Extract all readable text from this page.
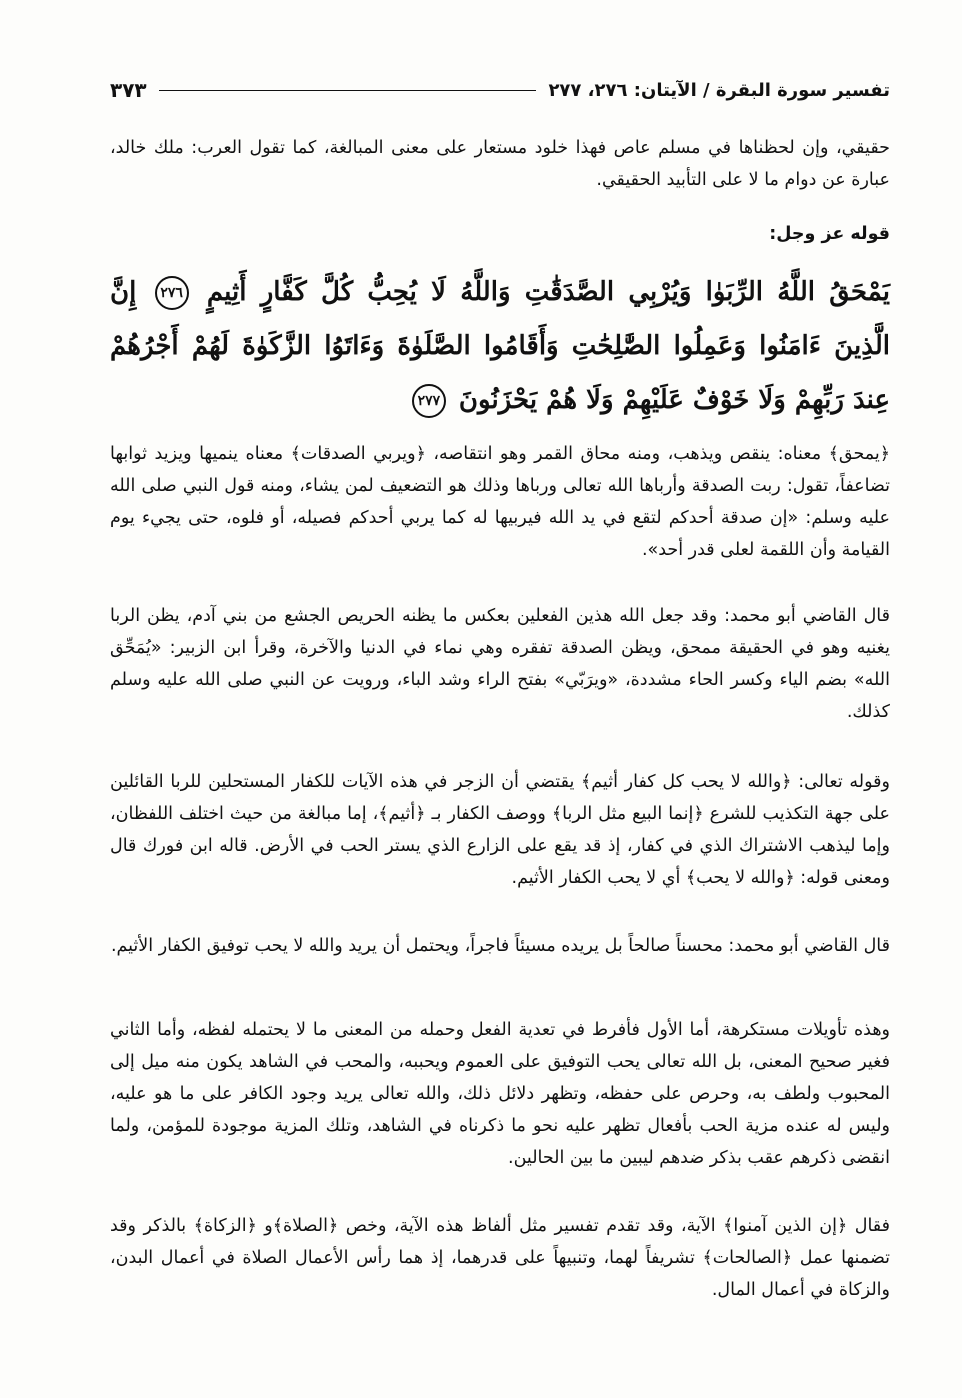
تفسير سورة البقرة / الآيتان: ٢٧٦، ٢٧٧
٣٧٣

حقيقي، وإن لحظناها في مسلم عاص فهذا خلود مستعار على معنى المبالغة، كما تقول العرب: ملك خالد، عبارة عن دوام ما لا على التأبيد الحقيقي.

قوله عز وجل:

يَمْحَقُ اللَّهُ الرِّبَوٰا وَيُرْبِي الصَّدَقَٰتِ وَاللَّهُ لَا يُحِبُّ كُلَّ كَفَّارٍ أَثِيمٍ ٢٧٦ إِنَّ الَّذِينَ ءَامَنُوا وَعَمِلُوا الصَّٰلِحَٰتِ وَأَقَامُوا الصَّلَوٰةَ وَءَاتَوُا الزَّكَوٰةَ لَهُمْ أَجْرُهُمْ عِندَ رَبِّهِمْ وَلَا خَوْفٌ عَلَيْهِمْ وَلَا هُمْ يَحْزَنُونَ ٢٧٧

﴿يمحق﴾ معناه: ينقص ويذهب، ومنه محاق القمر وهو انتقاصه، ﴿ويربي الصدقات﴾ معناه ينميها ويزيد ثوابها تضاعفاً، تقول: ربت الصدقة وأرباها الله تعالى ورباها وذلك هو التضعيف لمن يشاء، ومنه قول النبي صلى الله عليه وسلم: «إن صدقة أحدكم لتقع في يد الله فيربيها له كما يربي أحدكم فصيله، أو فلوه، حتى يجيء يوم القيامة وأن اللقمة لعلى قدر أحد».

قال القاضي أبو محمد: وقد جعل الله هذين الفعلين بعكس ما يظنه الحريص الجشع من بني آدم، يظن الربا يغنيه وهو في الحقيقة ممحق، ويظن الصدقة تفقره وهي نماء في الدنيا والآخرة، وقرأ ابن الزبير: «يُمَحِّق الله» بضم الياء وكسر الحاء مشددة، «ويرَبّي» بفتح الراء وشد الباء، ورويت عن النبي صلى الله عليه وسلم كذلك.

وقوله تعالى: ﴿والله لا يحب كل كفار أثيم﴾ يقتضي أن الزجر في هذه الآيات للكفار المستحلين للربا القائلين على جهة التكذيب للشرع ﴿إنما البيع مثل الربا﴾ ووصف الكفار بـ ﴿أثيم﴾، إما مبالغة من حيث اختلف اللفظان، وإما ليذهب الاشتراك الذي في كفار، إذ قد يقع على الزارع الذي يستر الحب في الأرض. قاله ابن فورك قال ومعنى قوله: ﴿والله لا يحب﴾ أي لا يحب الكفار الأثيم.

قال القاضي أبو محمد: محسناً صالحاً بل يريده مسيئاً فاجراً، ويحتمل أن يريد والله لا يحب توفيق الكفار الأثيم.

وهذه تأويلات مستكرهة، أما الأول فأفرط في تعدية الفعل وحمله من المعنى ما لا يحتمله لفظه، وأما الثاني فغير صحيح المعنى، بل الله تعالى يحب التوفيق على العموم ويحببه، والمحب في الشاهد يكون منه ميل إلى المحبوب ولطف به، وحرص على حفظه، وتظهر دلائل ذلك، والله تعالى يريد وجود الكافر على ما هو عليه، وليس له عنده مزية الحب بأفعال تظهر عليه نحو ما ذكرناه في الشاهد، وتلك المزية موجودة للمؤمن، ولما انقضى ذكرهم عقب بذكر ضدهم ليبين ما بين الحالين.

فقال ﴿إن الذين آمنوا﴾ الآية، وقد تقدم تفسير مثل ألفاظ هذه الآية، وخص ﴿الصلاة﴾و ﴿الزكاة﴾ بالذكر وقد تضمنها عمل ﴿الصالحات﴾ تشريفاً لهما، وتنبيهاً على قدرهما، إذ هما رأس الأعمال الصلاة في أعمال البدن، والزكاة في أعمال المال.
